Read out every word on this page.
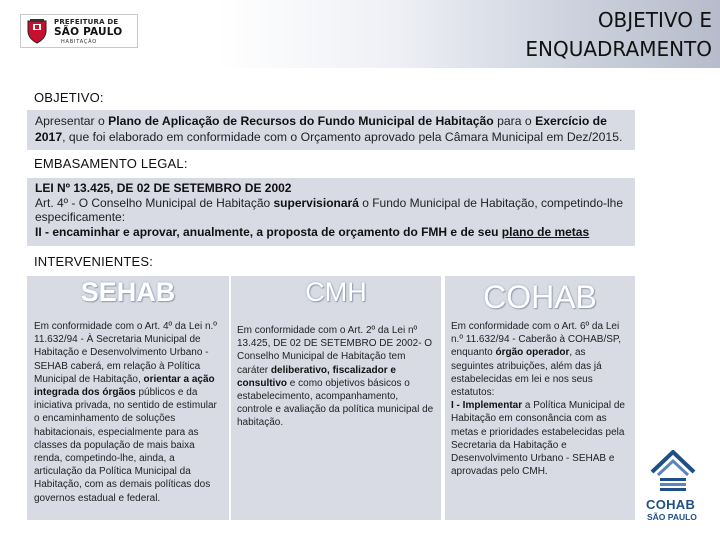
PREFEITURA DE
SÃO PAULO
HABITAÇÃO
OBJETIVO E
ENQUADRAMENTO
OBJETIVO:
Apresentar o Plano de Aplicação de Recursos do Fundo Municipal de Habitação para o Exercício de 2017, que foi elaborado em conformidade com o Orçamento aprovado pela Câmara Municipal em Dez/2015.
EMBASAMENTO LEGAL:
LEI Nº 13.425, DE 02 DE SETEMBRO DE 2002
Art. 4º - O Conselho Municipal de Habitação supervisionará o Fundo Municipal de Habitação, competindo-lhe especificamente:
II - encaminhar e aprovar, anualmente, a proposta de orçamento do FMH e de seu plano de metas
INTERVENIENTES:
SEHAB
Em conformidade com o Art. 4º da Lei n.º 11.632/94 - À Secretaria Municipal de Habitação e Desenvolvimento Urbano - SEHAB caberá, em relação à Política Municipal de Habitação, orientar a ação integrada dos órgãos públicos e da iniciativa privada, no sentido de estimular o encaminhamento de soluções habitacionais, especialmente para as classes da população de mais baixa renda, competindo-lhe, ainda, a articulação da Política Municipal da Habitação, com as demais políticas dos governos estadual e federal.
CMH
Em conformidade com o Art. 2º da Lei nº 13.425, DE 02 DE SETEMBRO DE 2002- O Conselho Municipal de Habitação tem caráter deliberativo, fiscalizador e consultivo e como objetivos básicos o estabelecimento, acompanhamento, controle e avaliação da política municipal de habitação.
COHAB
Em conformidade com o Art. 6º da Lei n.º 11.632/94 - Caberão à COHAB/SP, enquanto órgão operador, as seguintes atribuições, além das já estabelecidas em lei e nos seus estatutos:
I - Implementar a Política Municipal de Habitação em consonância com as metas e prioridades estabelecidas pela Secretaria da Habitação e Desenvolvimento Urbano - SEHAB e aprovadas pelo CMH.
COHAB
SÃO PAULO
